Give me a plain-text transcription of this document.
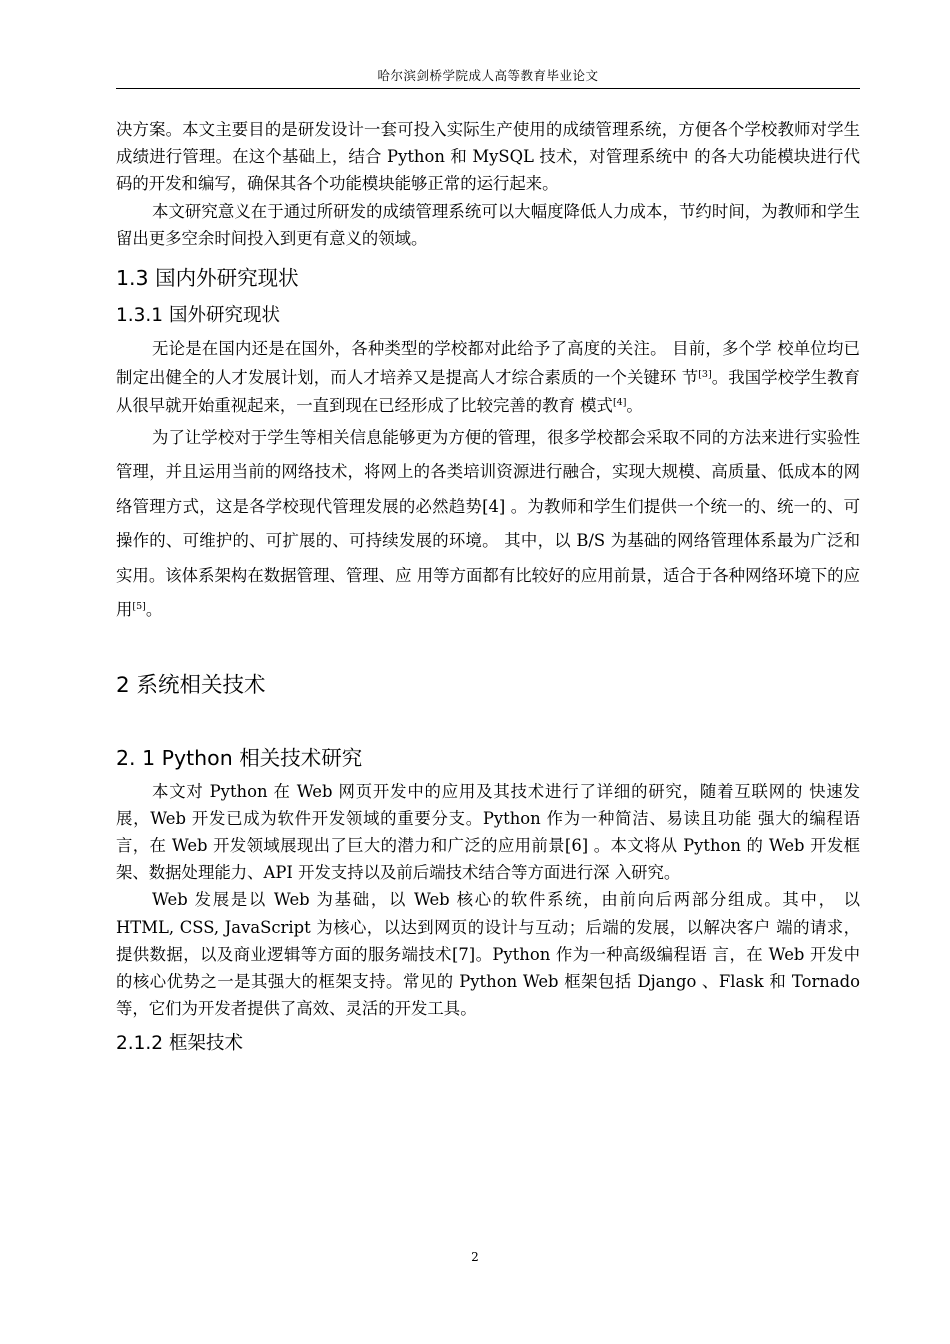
哈尔滨剑桥学院成人高等教育毕业论文

决方案。本文主要目的是研发设计一套可投入实际生产使用的成绩管理系统，方便各个学校教师对学生成绩进行管理。在这个基础上，结合 Python 和 MySQL 技术，对管理系统中 的各大功能模块进行代码的开发和编写，确保其各个功能模块能够正常的运行起来。

本文研究意义在于通过所研发的成绩管理系统可以大幅度降低人力成本，节约时间，为教师和学生留出更多空余时间投入到更有意义的领域。

1.3 国内外研究现状
1.3.1 国外研究现状

无论是在国内还是在国外，各种类型的学校都对此给予了高度的关注。 目前，多个学 校单位均已制定出健全的人才发展计划，而人才培养又是提高人才综合素质的一个关键环 节[3]。我国学校学生教育从很早就开始重视起来，一直到现在已经形成了比较完善的教育 模式[4]。

为了让学校对于学生等相关信息能够更为方便的管理，很多学校都会采取不同的方法来进行实验性管理，并且运用当前的网络技术，将网上的各类培训资源进行融合，实现大规模、高质量、低成本的网络管理方式，这是各学校现代管理发展的必然趋势[4] 。为教师和学生们提供一个统一的、统一的、可操作的、可维护的、可扩展的、可持续发展的环境。 其中，以 B/S 为基础的网络管理体系最为广泛和实用。该体系架构在数据管理、管理、应 用等方面都有比较好的应用前景，适合于各种网络环境下的应用[5]。

2 系统相关技术
2. 1 Python 相关技术研究

本文对 Python 在 Web 网页开发中的应用及其技术进行了详细的研究，随着互联网的 快速发展，Web 开发已成为软件开发领域的重要分支。Python 作为一种简洁、易读且功能 强大的编程语言，在 Web 开发领域展现出了巨大的潜力和广泛的应用前景[6] 。本文将从 Python 的 Web 开发框架、数据处理能力、API 开发支持以及前后端技术结合等方面进行深 入研究。

Web 发展是以 Web 为基础，以 Web 核心的软件系统，由前向后两部分组成。其中， 以 HTML, CSS, JavaScript 为核心，以达到网页的设计与互动；后端的发展，以解决客户 端的请求，提供数据，以及商业逻辑等方面的服务端技术[7]。Python 作为一种高级编程语 言，在 Web 开发中的核心优势之一是其强大的框架支持。常见的 Python Web 框架包括 Django 、Flask 和 Tornado 等，它们为开发者提供了高效、灵活的开发工具。

2.1.2 框架技术
2
